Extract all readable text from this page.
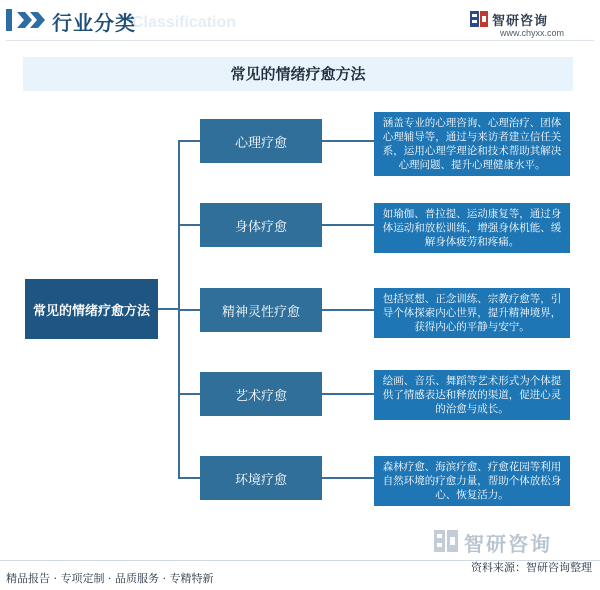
Classification
行业分类	智研咨询
www.chyxx.com
常见的情绪疗愈方法
常见的情绪疗愈方法
心理疗愈
身体疗愈
精神灵性疗愈
艺术疗愈
环境疗愈
涵盖专业的心理咨询、心理治疗、团体心理辅导等，通过与来访者建立信任关系，运用心理学理论和技术帮助其解决心理问题、提升心理健康水平。
如瑜伽、普拉提、运动康复等，通过身体运动和放松训练，增强身体机能、缓解身体疲劳和疼痛。
包括冥想、正念训练、宗教疗愈等，引导个体探索内心世界，提升精神境界，获得内心的平静与安宁。
绘画、音乐、舞蹈等艺术形式为个体提供了情感表达和释放的渠道，促进心灵的治愈与成长。
森林疗愈、海滨疗愈、疗愈花园等利用自然环境的疗愈力量，帮助个体放松身心、恢复活力。
智研咨询
精品报告 · 专项定制 · 品质服务 · 专精特新
资料来源：智研咨询整理
